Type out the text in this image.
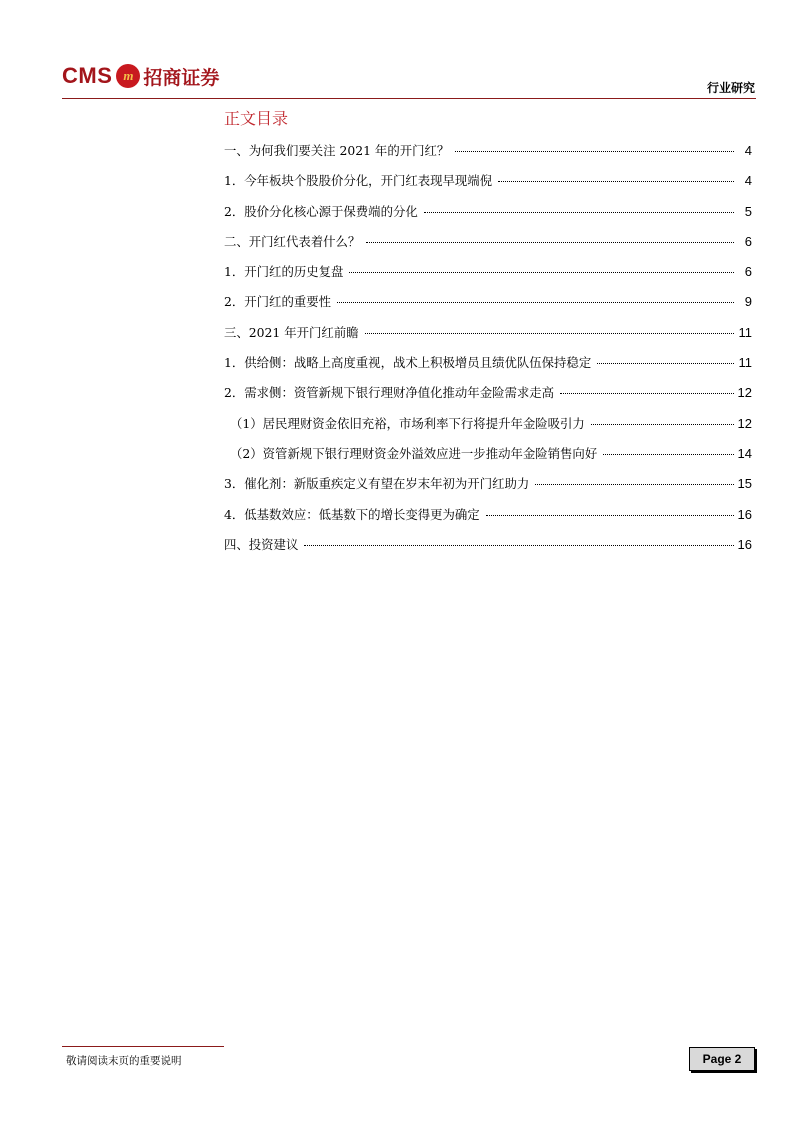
CMS m 招商证券	行业研究
正文目录
一、为何我们要关注 2021 年的开门红？	4
1．今年板块个股股价分化，开门红表现早现端倪	4
2．股价分化核心源于保费端的分化	5
二、开门红代表着什么？	6
1．开门红的历史复盘	6
2．开门红的重要性	9
三、2021 年开门红前瞻	11
1．供给侧：战略上高度重视，战术上积极增员且绩优队伍保持稳定	11
2．需求侧：资管新规下银行理财净值化推动年金险需求走高	12
（1）居民理财资金依旧充裕，市场利率下行将提升年金险吸引力	12
（2）资管新规下银行理财资金外溢效应进一步推动年金险销售向好	14
3．催化剂：新版重疾定义有望在岁末年初为开门红助力	15
4．低基数效应：低基数下的增长变得更为确定	16
四、投资建议	16
敬请阅读末页的重要说明	Page 2
